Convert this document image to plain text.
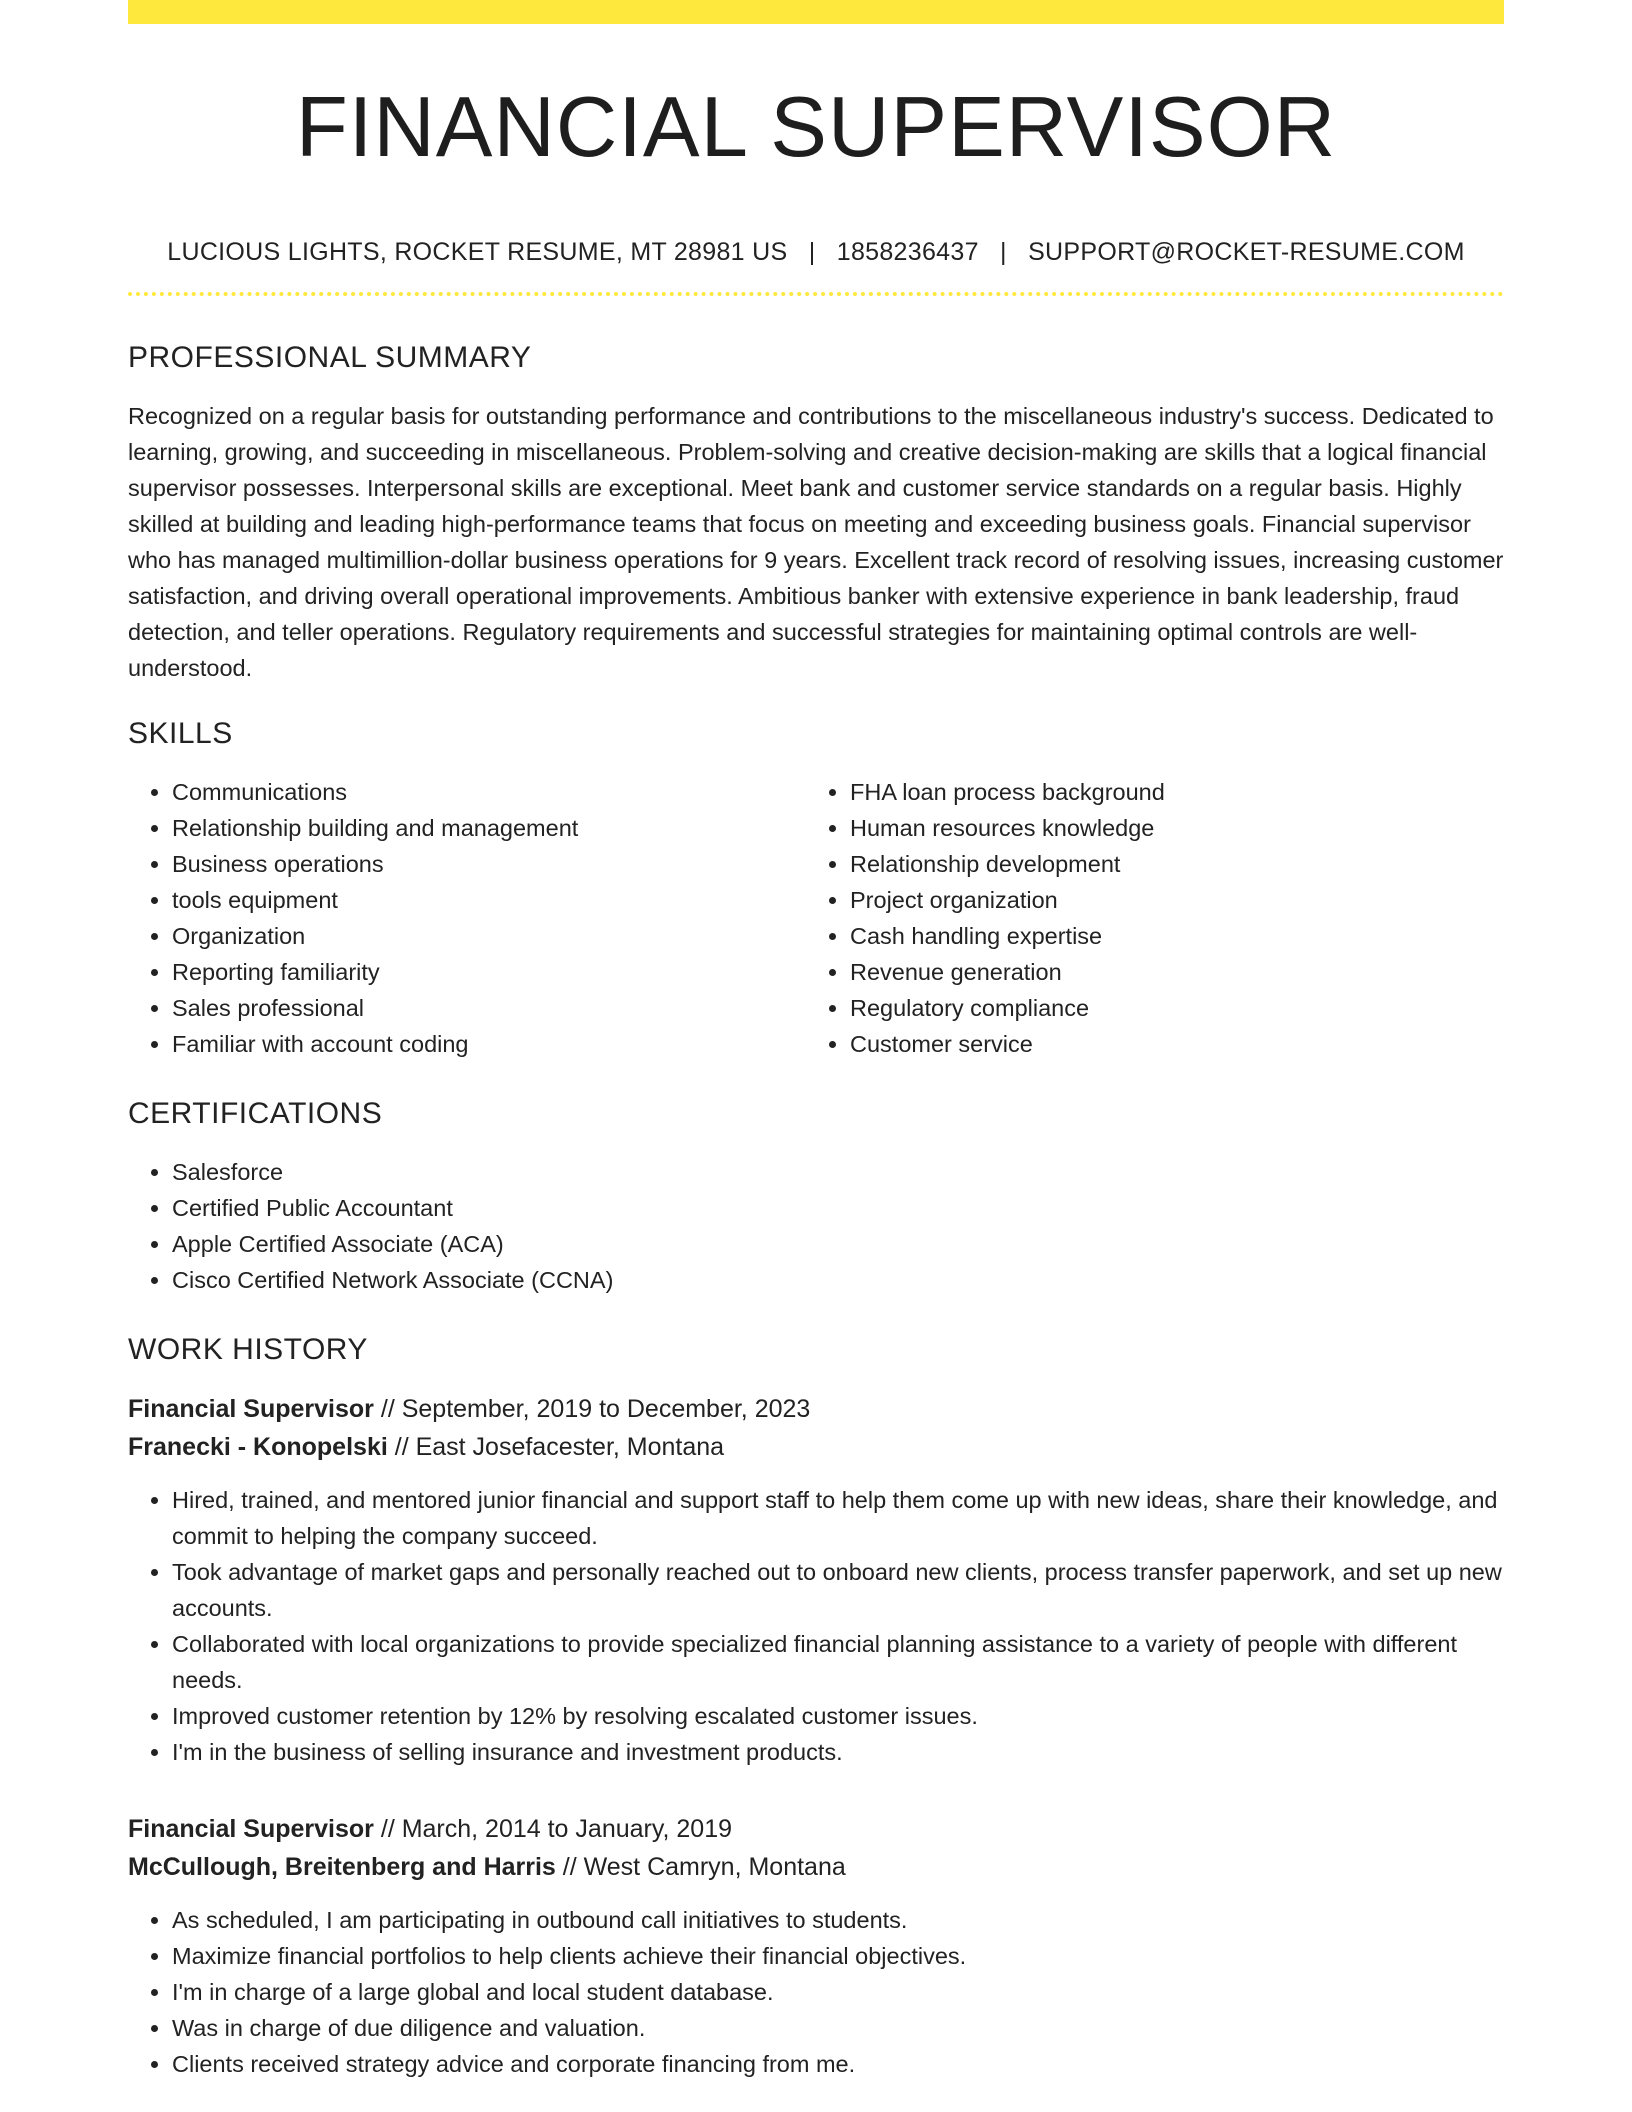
FINANCIAL SUPERVISOR
LUCIOUS LIGHTS, ROCKET RESUME, MT 28981 US | 1858236437 | SUPPORT@ROCKET-RESUME.COM
PROFESSIONAL SUMMARY

Recognized on a regular basis for outstanding performance and contributions to the miscellaneous industry's success. Dedicated to learning, growing, and succeeding in miscellaneous. Problem-solving and creative decision-making are skills that a logical financial supervisor possesses. Interpersonal skills are exceptional. Meet bank and customer service standards on a regular basis. Highly skilled at building and leading high-performance teams that focus on meeting and exceeding business goals. Financial supervisor who has managed multimillion-dollar business operations for 9 years. Excellent track record of resolving issues, increasing customer satisfaction, and driving overall operational improvements. Ambitious banker with extensive experience in bank leadership, fraud detection, and teller operations. Regulatory requirements and successful strategies for maintaining optimal controls are well-understood.

SKILLS
• Communications
• Relationship building and management
• Business operations
• tools equipment
• Organization
• Reporting familiarity
• Sales professional
• Familiar with account coding
• FHA loan process background
• Human resources knowledge
• Relationship development
• Project organization
• Cash handling expertise
• Revenue generation
• Regulatory compliance
• Customer service
CERTIFICATIONS
• Salesforce
• Certified Public Accountant
• Apple Certified Associate (ACA)
• Cisco Certified Network Associate (CCNA)
WORK HISTORY
Financial Supervisor // September, 2019 to December, 2023
Franecki - Konopelski // East Josefacester, Montana
• Hired, trained, and mentored junior financial and support staff to help them come up with new ideas, share their knowledge, and commit to helping the company succeed.
• Took advantage of market gaps and personally reached out to onboard new clients, process transfer paperwork, and set up new accounts.
• Collaborated with local organizations to provide specialized financial planning assistance to a variety of people with different needs.
• Improved customer retention by 12% by resolving escalated customer issues.
• I'm in the business of selling insurance and investment products.
Financial Supervisor // March, 2014 to January, 2019
McCullough, Breitenberg and Harris // West Camryn, Montana
• As scheduled, I am participating in outbound call initiatives to students.
• Maximize financial portfolios to help clients achieve their financial objectives.
• I'm in charge of a large global and local student database.
• Was in charge of due diligence and valuation.
• Clients received strategy advice and corporate financing from me.
